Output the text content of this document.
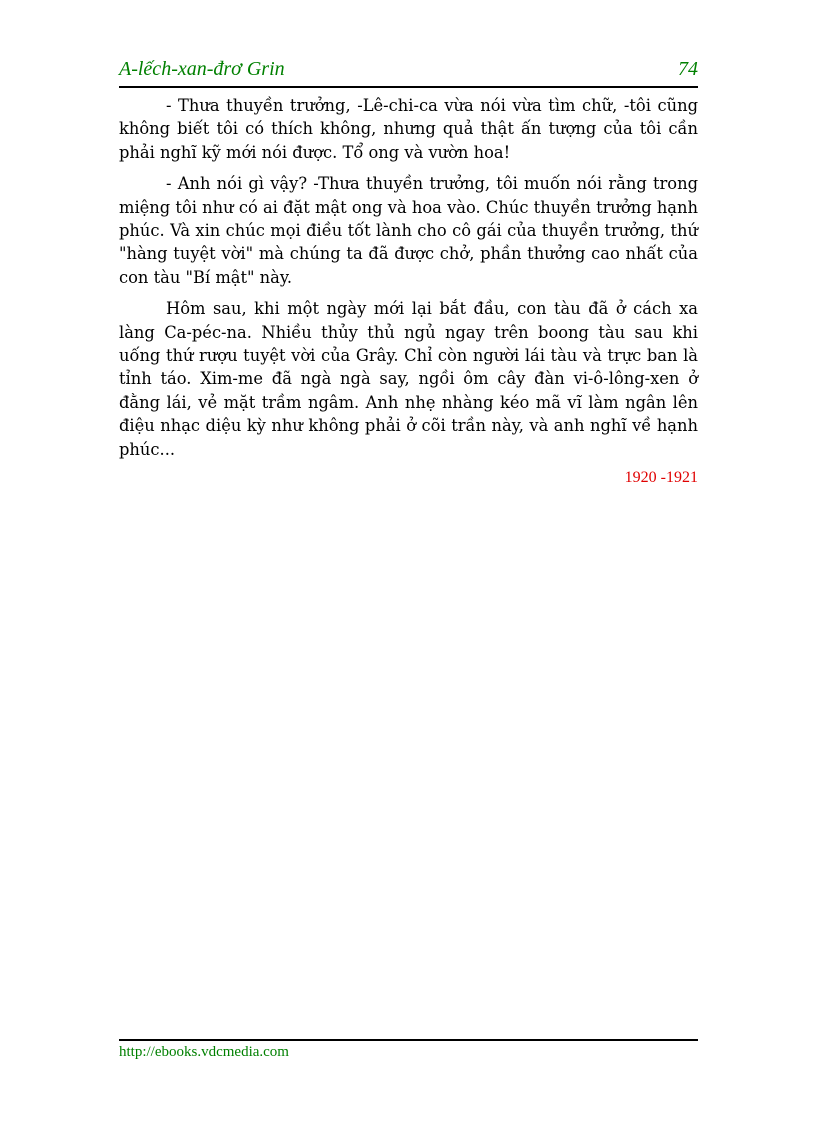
A-lếch-xan-đrơ Grin	74

- Thưa thuyền trưởng, -Lê-chi-ca vừa nói vừa tìm chữ, -tôi cũng không biết tôi có thích không, nhưng quả thật ấn tượng của tôi cần phải nghĩ kỹ mới nói được. Tổ ong và vườn hoa!

- Anh nói gì vậy? -Thưa thuyền trưởng, tôi muốn nói rằng trong miệng tôi như có ai đặt mật ong và hoa vào. Chúc thuyền trưởng hạnh phúc. Và xin chúc mọi điều tốt lành cho cô gái của thuyền trưởng, thứ "hàng tuyệt vời" mà chúng ta đã được chở, phần thưởng cao nhất của con tàu "Bí mật" này.

Hôm sau, khi một ngày mới lại bắt đầu, con tàu đã ở cách xa làng Ca-péc-na. Nhiều thủy thủ ngủ ngay trên boong tàu sau khi uống thứ rượu tuyệt vời của Grây. Chỉ còn người lái tàu và trực ban là tỉnh táo. Xim-me đã ngà ngà say, ngồi ôm cây đàn vi-ô-lông-xen ở đằng lái, vẻ mặt trầm ngâm. Anh nhẹ nhàng kéo mã vĩ làm ngân lên điệu nhạc diệu kỳ như không phải ở cõi trần này, và anh nghĩ về hạnh phúc...

1920 -1921
http://ebooks.vdcmedia.com
